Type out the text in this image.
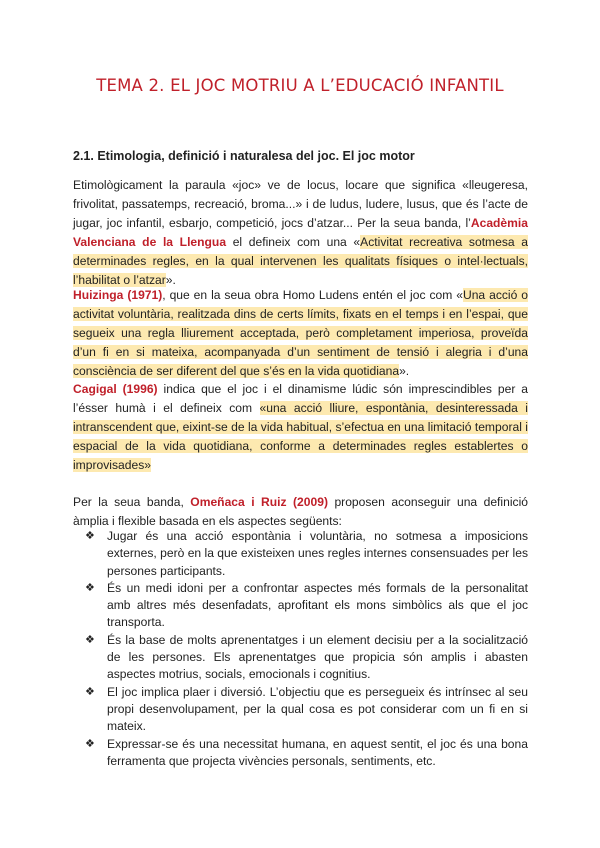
TEMA 2. EL JOC MOTRIU A L’EDUCACIÓ INFANTIL
2.1. Etimologia, definició i naturalesa del joc. El joc motor
Etimològicament la paraula «joc» ve de locus, locare que significa «lleugeresa, frivolitat, passatemps, recreació, broma...» i de ludus, ludere, lusus, que és l’acte de jugar, joc infantil, esbarjo, competició, jocs d’atzar... Per la seua banda, l’Acadèmia Valenciana de la Llengua el defineix com una «Activitat recreativa sotmesa a determinades regles, en la qual intervenen les qualitats físiques o intel·lectuals, l’habilitat o l’atzar».
Huizinga (1971), que en la seua obra Homo Ludens entén el joc com «Una acció o activitat voluntària, realitzada dins de certs límits, fixats en el temps i en l’espai, que segueix una regla lliurement acceptada, però completament imperiosa, proveïda d’un fi en si mateixa, acompanyada d’un sentiment de tensió i alegria i d’una consciència de ser diferent del que s’és en la vida quotidiana».
Cagigal (1996) indica que el joc i el dinamisme lúdic són imprescindibles per a l’ésser humà i el defineix com «una acció lliure, espontània, desinteressada i intranscendent que, eixint-se de la vida habitual, s’efectua en una limitació temporal i espacial de la vida quotidiana, conforme a determinades regles establertes o improvisades»
Per la seua banda, Omeñaca i Ruiz (2009) proposen aconseguir una definició àmplia i flexible basada en els aspectes següents:
❖ Jugar és una acció espontània i voluntària, no sotmesa a imposicions externes, però en la que existeixen unes regles internes consensuades per les persones participants.
❖ És un medi idoni per a confrontar aspectes més formals de la personalitat amb altres més desenfadats, aprofitant els mons simbòlics als que el joc transporta.
❖ És la base de molts aprenentatges i un element decisiu per a la socialització de les persones. Els aprenentatges que propicia són amplis i abasten aspectes motrius, socials, emocionals i cognitius.
❖ El joc implica plaer i diversió. L’objectiu que es persegueix és intrínsec al seu propi desenvolupament, per la qual cosa es pot considerar com un fi en si mateix.
❖ Expressar-se és una necessitat humana, en aquest sentit, el joc és una bona ferramenta que projecta vivències personals, sentiments, etc.
